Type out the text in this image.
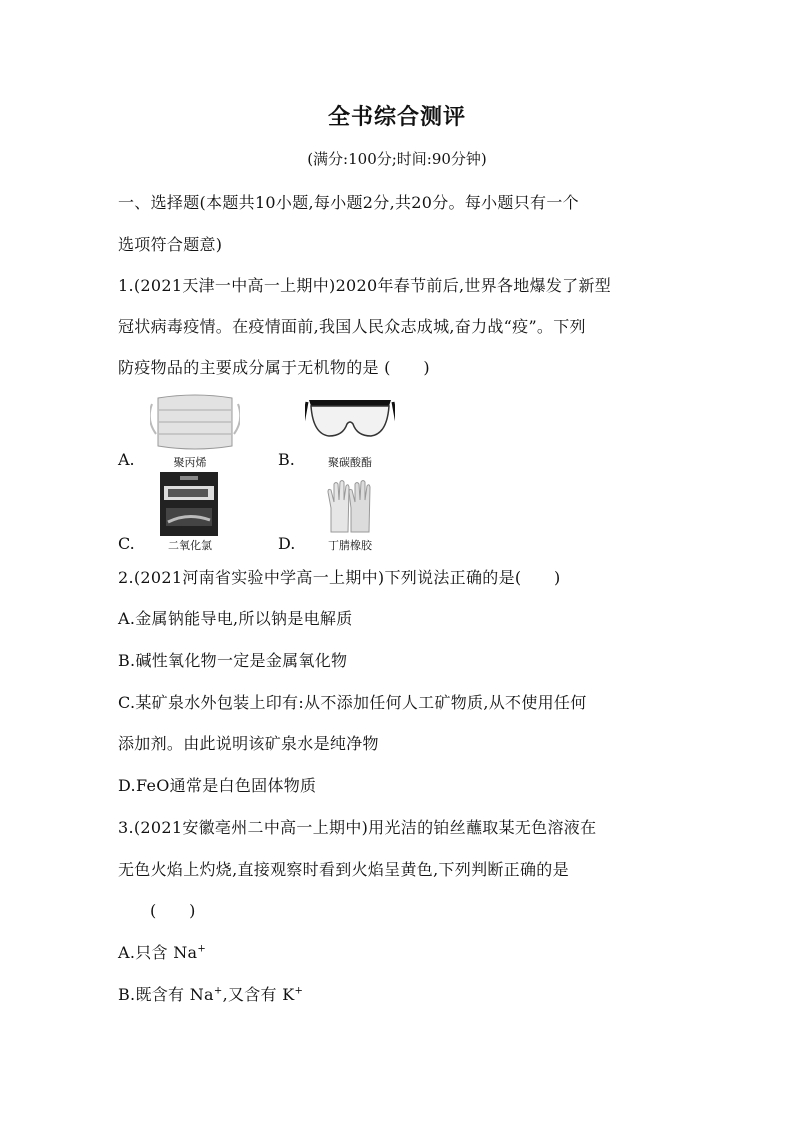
全书综合测评
(满分:100分;时间:90分钟)
一、选择题(本题共10小题,每小题2分,共20分。每小题只有一个
选项符合题意)
1.(2021天津一中高一上期中)2020年春节前后,世界各地爆发了新型
冠状病毒疫情。在疫情面前,我国人民众志成城,奋力战“疫”。下列
防疫物品的主要成分属于无机物的是 (　　)
A.	聚丙烯	B.	聚碳酸酯
C.	二氧化氯	D.	丁腈橡胶
2.(2021河南省实验中学高一上期中)下列说法正确的是(　　)
A.金属钠能导电,所以钠是电解质
B.碱性氧化物一定是金属氧化物
C.某矿泉水外包装上印有:从不添加任何人工矿物质,从不使用任何
添加剂。由此说明该矿泉水是纯净物
D.FeO通常是白色固体物质
3.(2021安徽亳州二中高一上期中)用光洁的铂丝蘸取某无色溶液在
无色火焰上灼烧,直接观察时看到火焰呈黄色,下列判断正确的是
(　　)
A.只含 Na+
B.既含有 Na+,又含有 K+
